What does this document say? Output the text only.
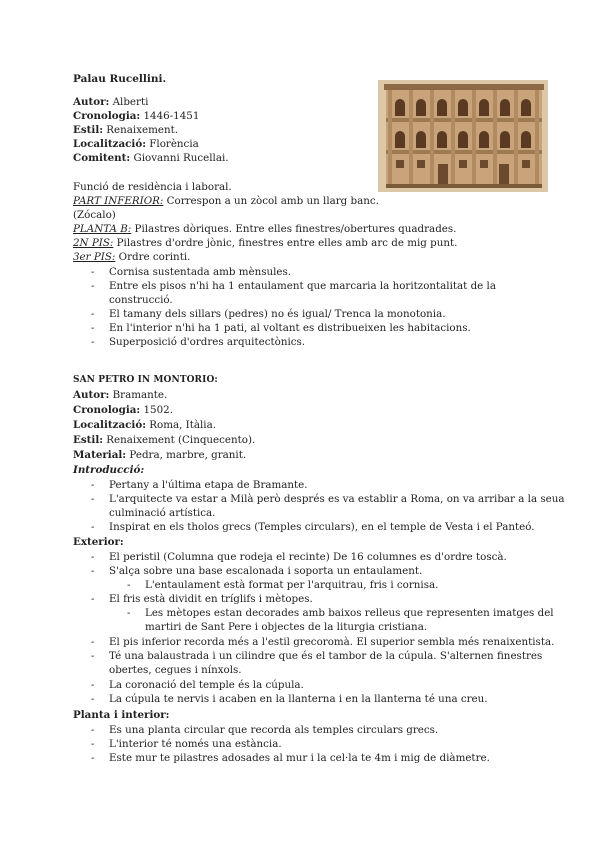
Palau Rucellini.
Autor: Alberti
Cronologia: 1446-1451
Estil: Renaixement.
Localització: Florència
Comitent: Giovanni Rucellai.
Funció de residència i laboral.
PART INFERIOR: Correspon a un zòcol amb un llarg banc.
(Zócalo)
PLANTA B: Pilastres dòriques. Entre elles finestres/obertures quadrades.
2N PIS: Pilastres d'ordre jònic, finestres entre elles amb arc de mig punt.
3er PIS: Ordre corinti.
- Cornisa sustentada amb mènsules.
- Entre els pisos n'hi ha 1 entaulament que marcaria la horitzontalitat de la
construcció.
- El tamany dels sillars (pedres) no és igual/ Trenca la monotonia.
- En l'interior n'hi ha 1 pati, al voltant es distribueixen les habitacions.
- Superposició d'ordres arquitectònics.
SAN PETRO IN MONTORIO:
Autor: Bramante.
Cronologia: 1502.
Localització: Roma, Itàlia.
Estil: Renaixement (Cinquecento).
Material: Pedra, marbre, granit.
Introducció:
- Pertany a l'última etapa de Bramante.
- L'arquitecte va estar a Milà però després es va establir a Roma, on va arribar a la seua
culminació artística.
- Inspirat en els tholos grecs (Temples circulars), en el temple de Vesta i el Panteó.
Exterior:
- El peristil (Columna que rodeja el recinte) De 16 columnes es d'ordre toscà.
- S'alça sobre una base escalonada i soporta un entaulament.
- L'entaulament està format per l'arquitrau, fris i cornisa.
- El fris està dividit en tríglifs i mètopes.
- Les mètopes estan decorades amb baixos relleus que representen imatges del
martiri de Sant Pere i objectes de la liturgia cristiana.
- El pis inferior recorda més a l'estil grecoromà. El superior sembla més renaixentista.
- Té una balaustrada i un cilindre que és el tambor de la cúpula. S'alternen finestres
obertes, cegues i nínxols.
- La coronació del temple és la cúpula.
- La cúpula te nervis i acaben en la llanterna i en la llanterna té una creu.
Planta i interior:
- Es una planta circular que recorda als temples circulars grecs.
- L'interior té només una estància.
- Este mur te pilastres adosades al mur i la cel·la te 4m i mig de diàmetre.
